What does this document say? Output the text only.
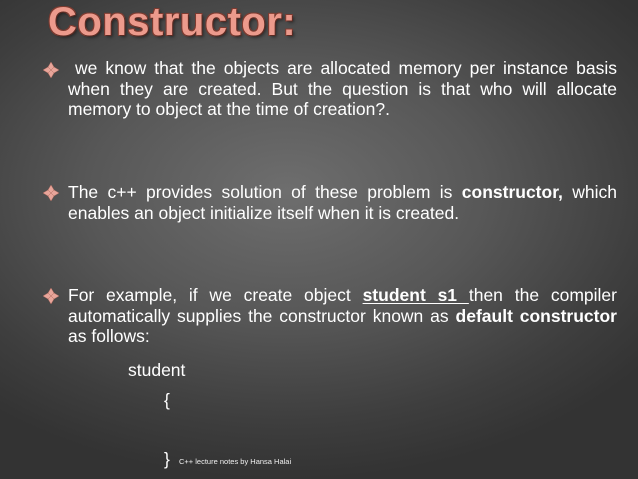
Constructor:

we know that the objects are allocated memory per instance basis when they are created. But the question is that who will allocate memory to object at the time of creation?.

The c++ provides solution of these problem is constructor, which enables an object initialize itself when it is created.

For example, if we create object student s1 then the compiler automatically supplies the constructor known as default constructor as follows:

student

{

} C++ lecture notes by Hansa Halai
